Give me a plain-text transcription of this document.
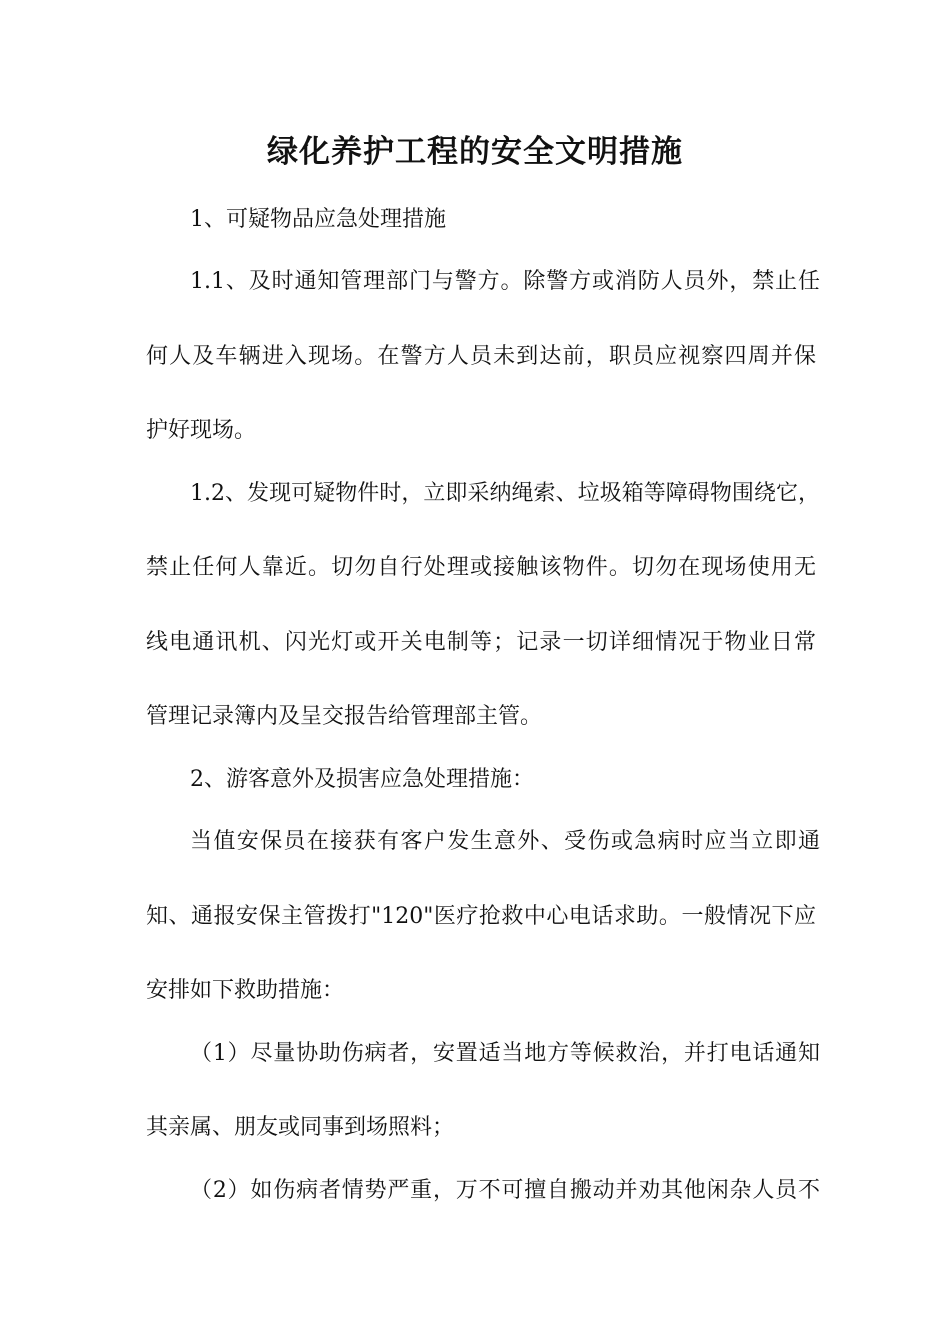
绿化养护工程的安全文明措施

1、可疑物品应急处理措施

1.1、及时通知管理部门与警方。除警方或消防人员外，禁止任

何人及车辆进入现场。在警方人员未到达前，职员应视察四周并保

护好现场。

1.2、发现可疑物件时，立即采纳绳索、垃圾箱等障碍物围绕它，

禁止任何人靠近。切勿自行处理或接触该物件。切勿在现场使用无

线电通讯机、闪光灯或开关电制等；记录一切详细情况于物业日常

管理记录簿内及呈交报告给管理部主管。

2、游客意外及损害应急处理措施：

当值安保员在接获有客户发生意外、受伤或急病时应当立即通

知、通报安保主管拨打"120"医疗抢救中心电话求助。一般情况下应

安排如下救助措施：

（1）尽量协助伤病者，安置适当地方等候救治，并打电话通知

其亲属、朋友或同事到场照料；

（2）如伤病者情势严重，万不可擅自搬动并劝其他闲杂人员不
